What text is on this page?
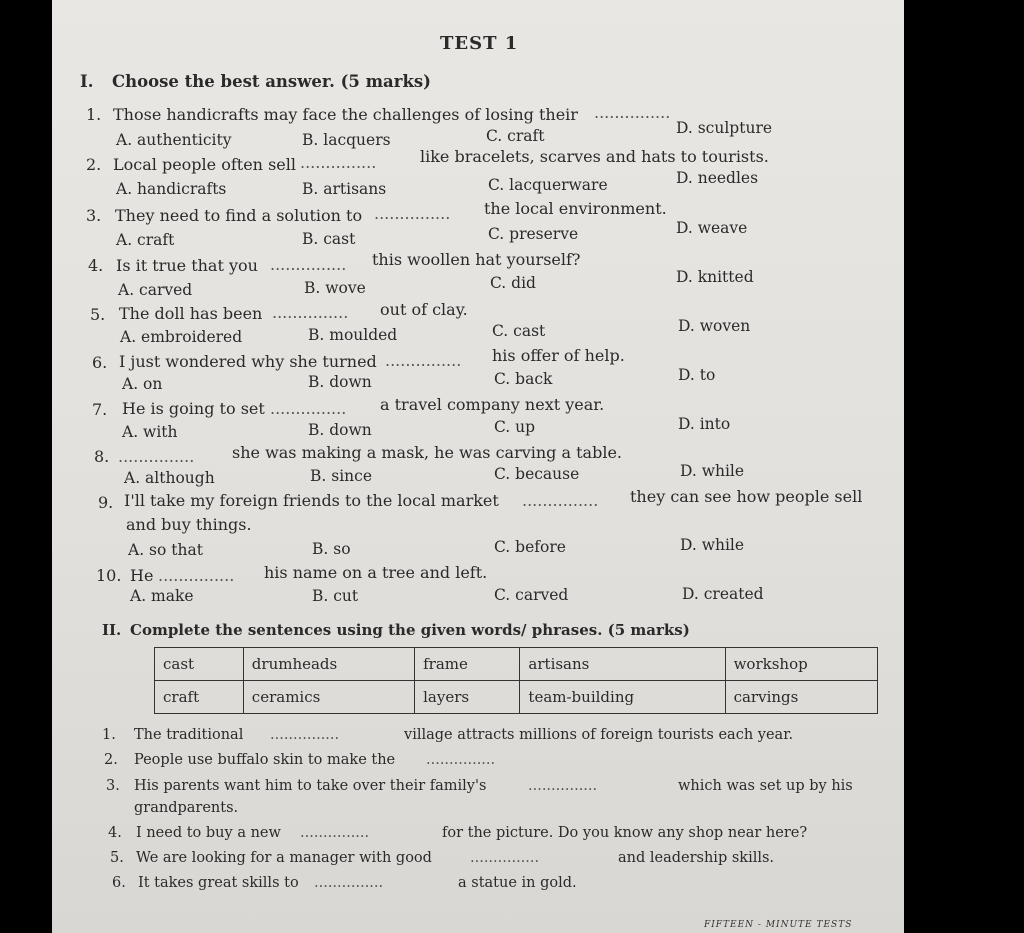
TEST 1
I. Choose the best answer. (5 marks)
1. Those handicrafts may face the challenges of losing their ...............
A. authenticity	B. lacquers	C. craft	D. sculpture
2. Local people often sell ...............	like bracelets, scarves and hats to tourists.
A. handicrafts	B. artisans	C. lacquerware	D. needles
3. They need to find a solution to ............... the local environment.
A. craft	B. cast	C. preserve	D. weave
4. Is it true that you ............... this woollen hat yourself?
A. carved	B. wove	C. did	D. knitted
5. The doll has been ............... out of clay.
A. embroidered	B. moulded	C. cast	D. woven
6. I just wondered why she turned ............... his offer of help.
A. on	B. down	C. back	D. to
7. He is going to set ............... a travel company next year.
A. with	B. down	C. up	D. into
8. ............... she was making a mask, he was carving a table.
A. although	B. since	C. because	D. while
9. I'll take my foreign friends to the local market ............... they can see how people sell
and buy things.
A. so that	B. so	C. before	D. while
10. He ............... his name on a tree and left.
A. make	B. cut	C. carved	D. created
II. Complete the sentences using the given words/ phrases. (5 marks)
cast	drumheads	frame	artisans	workshop
craft	ceramics	layers	team-building	carvings
1. The traditional ...............	village attracts millions of foreign tourists each year.
2. People use buffalo skin to make the ...............
3. His parents want him to take over their family's	...............	which was set up by his
grandparents.
4. I need to buy a new ...............	for the picture. Do you know any shop near here?
5. We are looking for a manager with good	...............	and leadership skills.
6. It takes great skills to ...............	a statue in gold.
FIFTEEN - MINUTE TESTS
